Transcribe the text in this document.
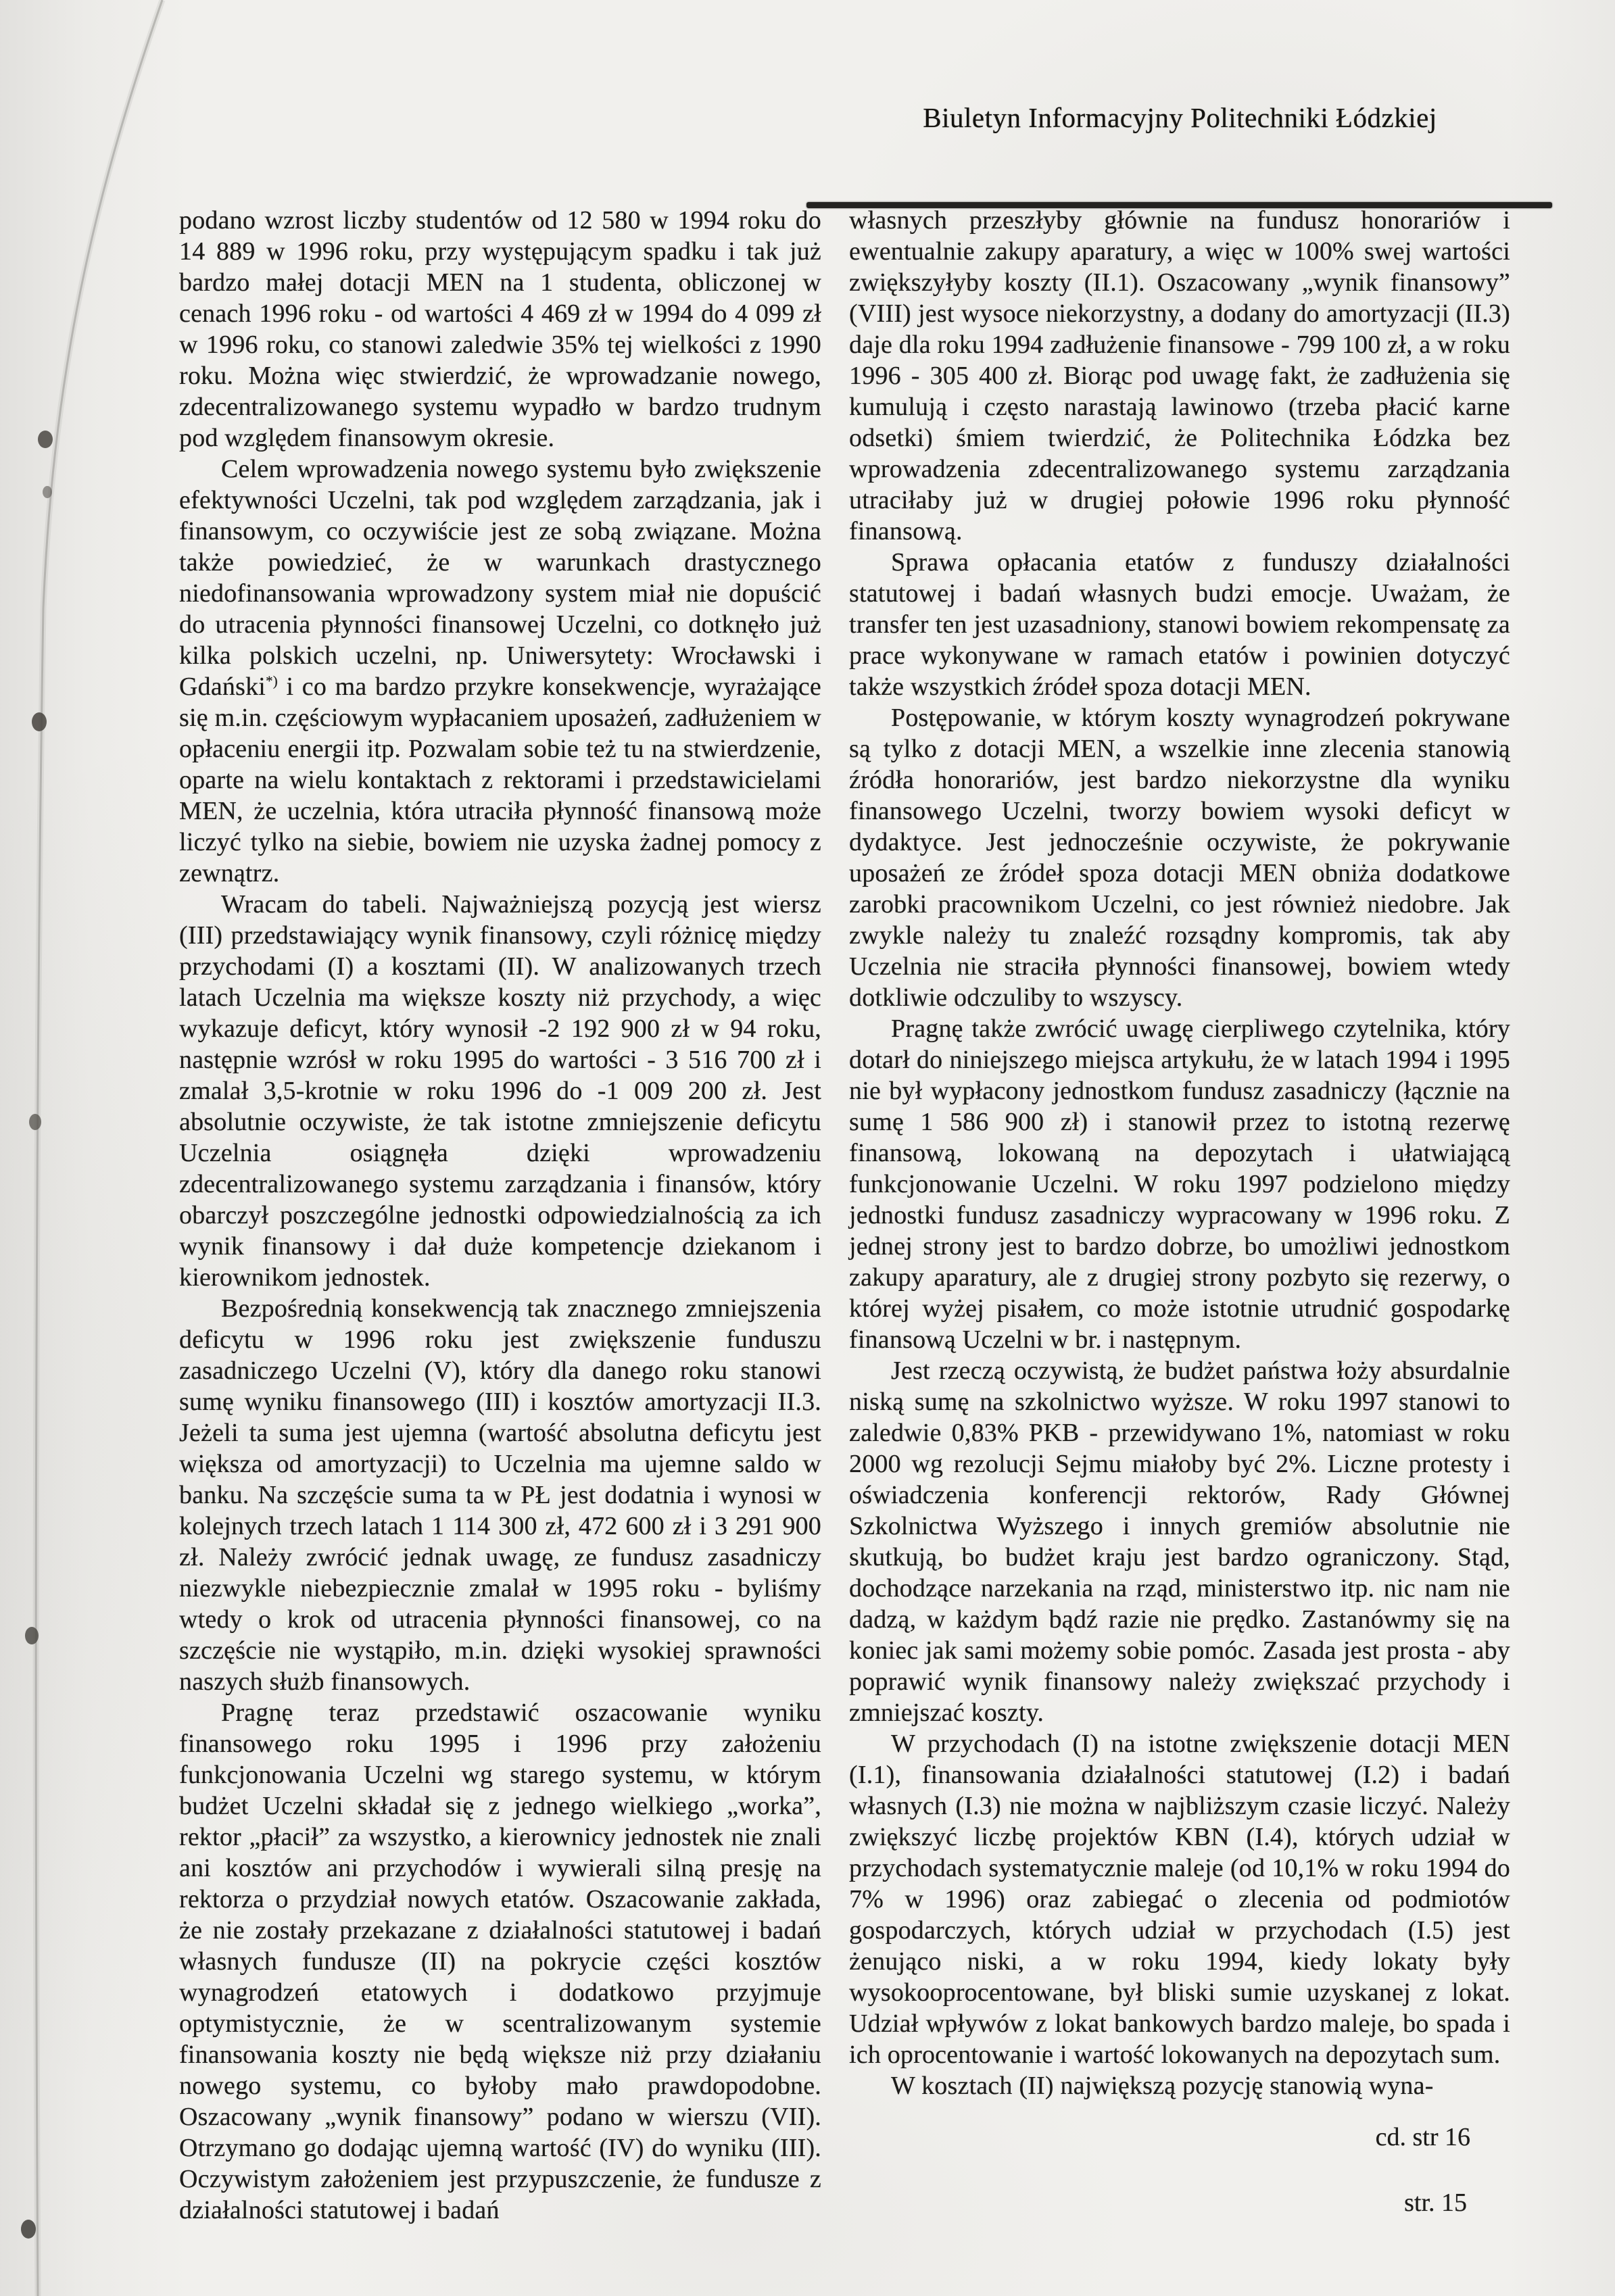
Biuletyn Informacyjny Politechniki Łódzkiej

podano wzrost liczby studentów od 12 580 w 1994 roku do 14 889 w 1996 roku, przy występującym spadku i tak już bardzo małej dotacji MEN na 1 studenta, obliczonej w cenach 1996 roku - od wartości 4 469 zł w 1994 do 4 099 zł w 1996 roku, co stanowi zaledwie 35% tej wielkości z 1990 roku. Można więc stwierdzić, że wprowadzanie nowego, zdecentralizowanego systemu wypadło w bardzo trudnym pod względem finansowym okresie.

Celem wprowadzenia nowego systemu było zwiększenie efektywności Uczelni, tak pod względem zarządzania, jak i finansowym, co oczywiście jest ze sobą związane. Można także powiedzieć, że w warunkach drastycznego niedofinansowania wprowadzony system miał nie dopuścić do utracenia płynności finansowej Uczelni, co dotknęło już kilka polskich uczelni, np. Uniwersytety: Wrocławski i Gdański*) i co ma bardzo przykre konsekwencje, wyrażające się m.in. częściowym wypłacaniem uposażeń, zadłużeniem w opłaceniu energii itp. Pozwalam sobie też tu na stwierdzenie, oparte na wielu kontaktach z rektorami i przedstawicielami MEN, że uczelnia, która utraciła płynność finansową może liczyć tylko na siebie, bowiem nie uzyska żadnej pomocy z zewnątrz.

Wracam do tabeli. Najważniejszą pozycją jest wiersz (III) przedstawiający wynik finansowy, czyli różnicę między przychodami (I) a kosztami (II). W analizowanych trzech latach Uczelnia ma większe koszty niż przychody, a więc wykazuje deficyt, który wynosił -2 192 900 zł w 94 roku, następnie wzrósł w roku 1995 do wartości - 3 516 700 zł i zmalał 3,5-krotnie w roku 1996 do -1 009 200 zł. Jest absolutnie oczywiste, że tak istotne zmniejszenie deficytu Uczelnia osiągnęła dzięki wprowadzeniu zdecentralizowanego systemu zarządzania i finansów, który obarczył poszczególne jednostki odpowiedzialnością za ich wynik finansowy i dał duże kompetencje dziekanom i kierownikom jednostek.

Bezpośrednią konsekwencją tak znacznego zmniejszenia deficytu w 1996 roku jest zwiększenie funduszu zasadniczego Uczelni (V), który dla danego roku stanowi sumę wyniku finansowego (III) i kosztów amortyzacji II.3. Jeżeli ta suma jest ujemna (wartość absolutna deficytu jest większa od amortyzacji) to Uczelnia ma ujemne saldo w banku. Na szczęście suma ta w PŁ jest dodatnia i wynosi w kolejnych trzech latach 1 114 300 zł, 472 600 zł i 3 291 900 zł. Należy zwrócić jednak uwagę, ze fundusz zasadniczy niezwykle niebezpiecznie zmalał w 1995 roku - byliśmy wtedy o krok od utracenia płynności finansowej, co na szczęście nie wystąpiło, m.in. dzięki wysokiej sprawności naszych służb finansowych.

Pragnę teraz przedstawić oszacowanie wyniku finansowego roku 1995 i 1996 przy założeniu funkcjonowania Uczelni wg starego systemu, w którym budżet Uczelni składał się z jednego wielkiego „worka”, rektor „płacił” za wszystko, a kierownicy jednostek nie znali ani kosztów ani przychodów i wywierali silną presję na rektorza o przydział nowych etatów. Oszacowanie zakłada, że nie zostały przekazane z działalności statutowej i badań własnych fundusze (II) na pokrycie części kosztów wynagrodzeń etatowych i dodatkowo przyjmuje optymistycznie, że w scentralizowanym systemie finansowania koszty nie będą większe niż przy działaniu nowego systemu, co byłoby mało prawdopodobne. Oszacowany „wynik finansowy” podano w wierszu (VII). Otrzymano go dodając ujemną wartość (IV) do wyniku (III). Oczywistym założeniem jest przypuszczenie, że fundusze z działalności statutowej i badań

własnych przeszłyby głównie na fundusz honorariów i ewentualnie zakupy aparatury, a więc w 100% swej wartości zwiększyłyby koszty (II.1). Oszacowany „wynik finansowy” (VIII) jest wysoce niekorzystny, a dodany do amortyzacji (II.3) daje dla roku 1994 zadłużenie finansowe - 799 100 zł, a w roku 1996 - 305 400 zł. Biorąc pod uwagę fakt, że zadłużenia się kumulują i często narastają lawinowo (trzeba płacić karne odsetki) śmiem twierdzić, że Politechnika Łódzka bez wprowadzenia zdecentralizowanego systemu zarządzania utraciłaby już w drugiej połowie 1996 roku płynność finansową.

Sprawa opłacania etatów z funduszy działalności statutowej i badań własnych budzi emocje. Uważam, że transfer ten jest uzasadniony, stanowi bowiem rekompensatę za prace wykonywane w ramach etatów i powinien dotyczyć także wszystkich źródeł spoza dotacji MEN.

Postępowanie, w którym koszty wynagrodzeń pokrywane są tylko z dotacji MEN, a wszelkie inne zlecenia stanowią źródła honorariów, jest bardzo niekorzystne dla wyniku finansowego Uczelni, tworzy bowiem wysoki deficyt w dydaktyce. Jest jednocześnie oczywiste, że pokrywanie uposażeń ze źródeł spoza dotacji MEN obniża dodatkowe zarobki pracownikom Uczelni, co jest również niedobre. Jak zwykle należy tu znaleźć rozsądny kompromis, tak aby Uczelnia nie straciła płynności finansowej, bowiem wtedy dotkliwie odczuliby to wszyscy.

Pragnę także zwrócić uwagę cierpliwego czytelnika, który dotarł do niniejszego miejsca artykułu, że w latach 1994 i 1995 nie był wypłacony jednostkom fundusz zasadniczy (łącznie na sumę 1 586 900 zł) i stanowił przez to istotną rezerwę finansową, lokowaną na depozytach i ułatwiającą funkcjonowanie Uczelni. W roku 1997 podzielono między jednostki fundusz zasadniczy wypracowany w 1996 roku. Z jednej strony jest to bardzo dobrze, bo umożliwi jednostkom zakupy aparatury, ale z drugiej strony pozbyto się rezerwy, o której wyżej pisałem, co może istotnie utrudnić gospodarkę finansową Uczelni w br. i następnym.

Jest rzeczą oczywistą, że budżet państwa łoży absurdalnie niską sumę na szkolnictwo wyższe. W roku 1997 stanowi to zaledwie 0,83% PKB - przewidywano 1%, natomiast w roku 2000 wg rezolucji Sejmu miałoby być 2%. Liczne protesty i oświadczenia konferencji rektorów, Rady Głównej Szkolnictwa Wyższego i innych gremiów absolutnie nie skutkują, bo budżet kraju jest bardzo ograniczony. Stąd, dochodzące narzekania na rząd, ministerstwo itp. nic nam nie dadzą, w każdym bądź razie nie prędko. Zastanówmy się na koniec jak sami możemy sobie pomóc. Zasada jest prosta - aby poprawić wynik finansowy należy zwiększać przychody i zmniejszać koszty.

W przychodach (I) na istotne zwiększenie dotacji MEN (I.1), finansowania działalności statutowej (I.2) i badań własnych (I.3) nie można w najbliższym czasie liczyć. Należy zwiększyć liczbę projektów KBN (I.4), których udział w przychodach systematycznie maleje (od 10,1% w roku 1994 do 7% w 1996) oraz zabiegać o zlecenia od podmiotów gospodarczych, których udział w przychodach (I.5) jest żenująco niski, a w roku 1994, kiedy lokaty były wysokooprocentowane, był bliski sumie uzyskanej z lokat. Udział wpływów z lokat bankowych bardzo maleje, bo spada i ich oprocentowanie i wartość lokowanych na depozytach sum.

W kosztach (II) największą pozycję stanowią wyna-

cd. str 16
str. 15
